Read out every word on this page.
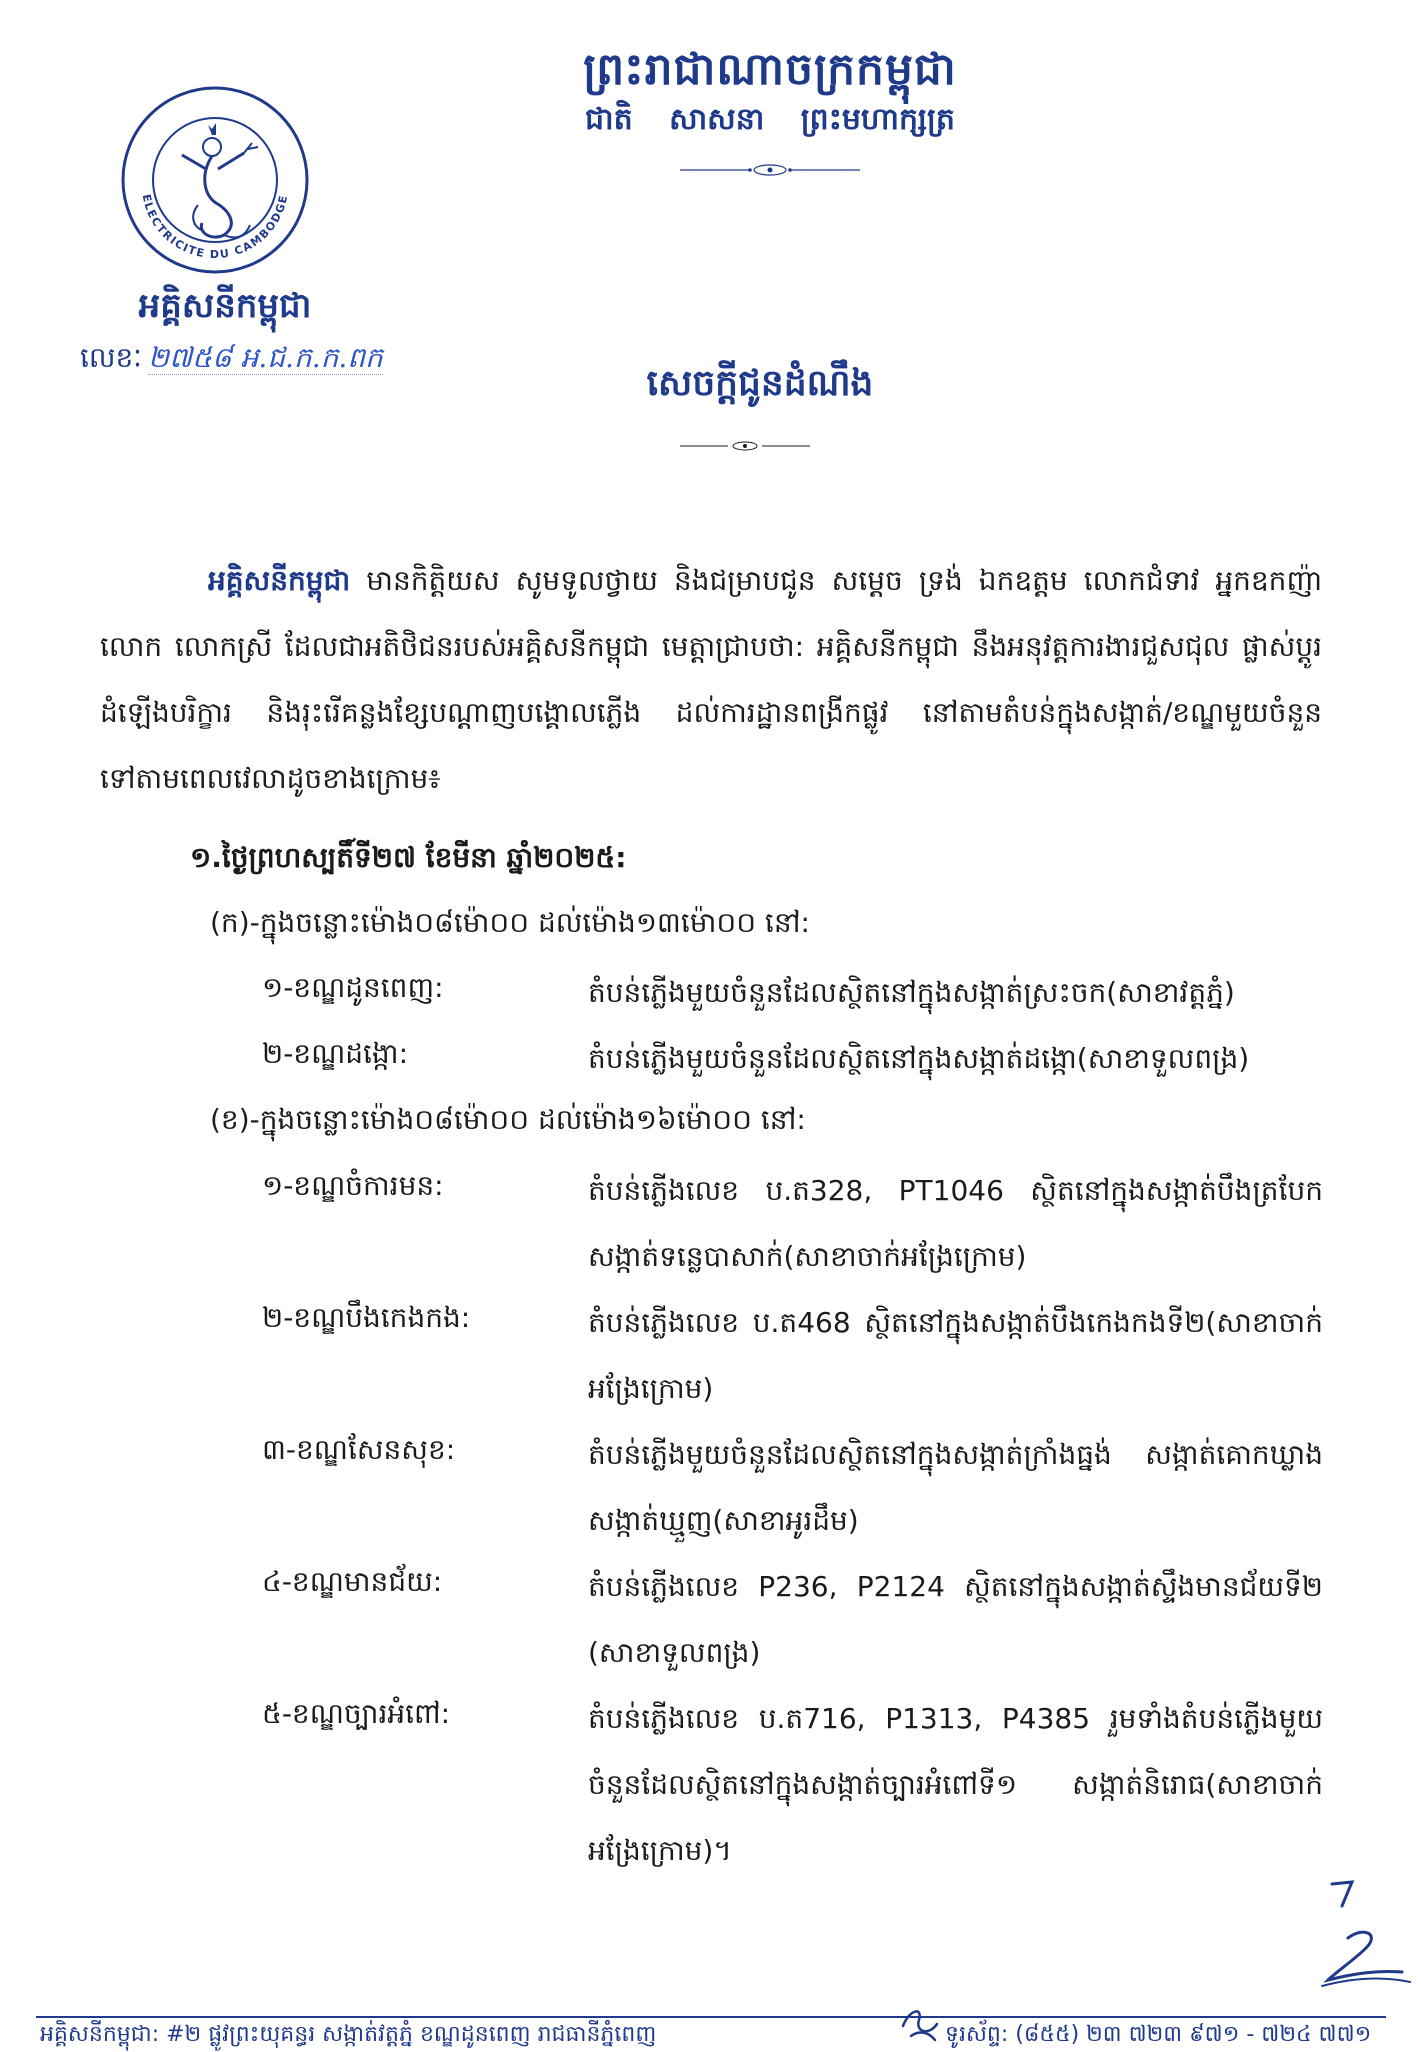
ព្រះរាជាណាចក្រកម្ពុជា
ជាតិ សាសនា ព្រះមហាក្សត្រ
ELECTRICITE DU CAMBODGE
អគ្គិសនីកម្ពុជា
លេខៈ ២៧៥៨ អ.ជ.ក.ក.ពក
សេចក្ដីជូនដំណឹង
អគ្គិសនីកម្ពុជា មានកិត្តិយស សូមទូលថ្វាយ និងជម្រាបជូន សម្ដេច ទ្រង់ ឯកឧត្ដម លោកជំទាវ អ្នកឧកញ៉ា លោក លោកស្រី ដែលជាអតិថិជនរបស់អគ្គិសនីកម្ពុជា មេត្តាជ្រាបថា: អគ្គិសនីកម្ពុជា នឹងអនុវត្តការងារជួសជុល ផ្លាស់ប្ដូរដំឡើងបរិក្ខារ និងរុះរើគន្លងខ្សែបណ្ដាញបង្គោលភ្លើង ដល់ការដ្ឋានពង្រីកផ្លូវ នៅតាមតំបន់ក្នុងសង្កាត់/ខណ្ឌមួយចំនួនទៅតាមពេលវេលាដូចខាងក្រោម៖
១.ថ្ងៃព្រហស្បតិ៍ទី២៧ ខែមីនា ឆ្នាំ២០២៥:
(ក)-ក្នុងចន្លោះម៉ោង០៨ម៉ោ០០ ដល់ម៉ោង១៣ម៉ោ០០ នៅ:
១-ខណ្ឌដូនពេញ:	តំបន់ភ្លើងមួយចំនួនដែលស្ថិតនៅក្នុងសង្កាត់ស្រះចក(សាខាវត្តភ្នំ)
២-ខណ្ឌដង្កោ:	តំបន់ភ្លើងមួយចំនួនដែលស្ថិតនៅក្នុងសង្កាត់ដង្កោ(សាខាទួលពង្រ)
(ខ)-ក្នុងចន្លោះម៉ោង០៨ម៉ោ០០ ដល់ម៉ោង១៦ម៉ោ០០ នៅ:
១-ខណ្ឌចំការមន:	តំបន់ភ្លើងលេខ ប.ត328, PT1046 ស្ថិតនៅក្នុងសង្កាត់បឹងត្របែក សង្កាត់ទន្លេបាសាក់(សាខាចាក់អង្រែក្រោម)
២-ខណ្ឌបឹងកេងកង:	តំបន់ភ្លើងលេខ ប.ត468 ស្ថិតនៅក្នុងសង្កាត់បឹងកេងកងទី២(សាខាចាក់អង្រែក្រោម)
៣-ខណ្ឌសែនសុខ:	តំបន់ភ្លើងមួយចំនួនដែលស្ថិតនៅក្នុងសង្កាត់ក្រាំងធ្នង់ សង្កាត់គោកឃ្លាង សង្កាត់ឃ្មួញ(សាខាអូរដឹម)
៤-ខណ្ឌមានជ័យ:	តំបន់ភ្លើងលេខ P236, P2124 ស្ថិតនៅក្នុងសង្កាត់ស្ទឹងមានជ័យទី២ (សាខាទួលពង្រ)
៥-ខណ្ឌច្បារអំពៅ:	តំបន់ភ្លើងលេខ ប.ត716, P1313, P4385 រួមទាំងតំបន់ភ្លើងមួយចំនួនដែលស្ថិតនៅក្នុងសង្កាត់ច្បារអំពៅទី១ សង្កាត់និរោធ(សាខាចាក់អង្រែក្រោម)។
អគ្គិសនីកម្ពុជា: #២ ផ្លូវព្រះយុគន្ធរ សង្កាត់វត្តភ្នំ ខណ្ឌដូនពេញ រាជធានីភ្នំពេញ	ទូរស័ព្ទ: (៨៥៥) ២៣ ៧២៣ ៩៧១ - ៧២៤ ៧៧១
